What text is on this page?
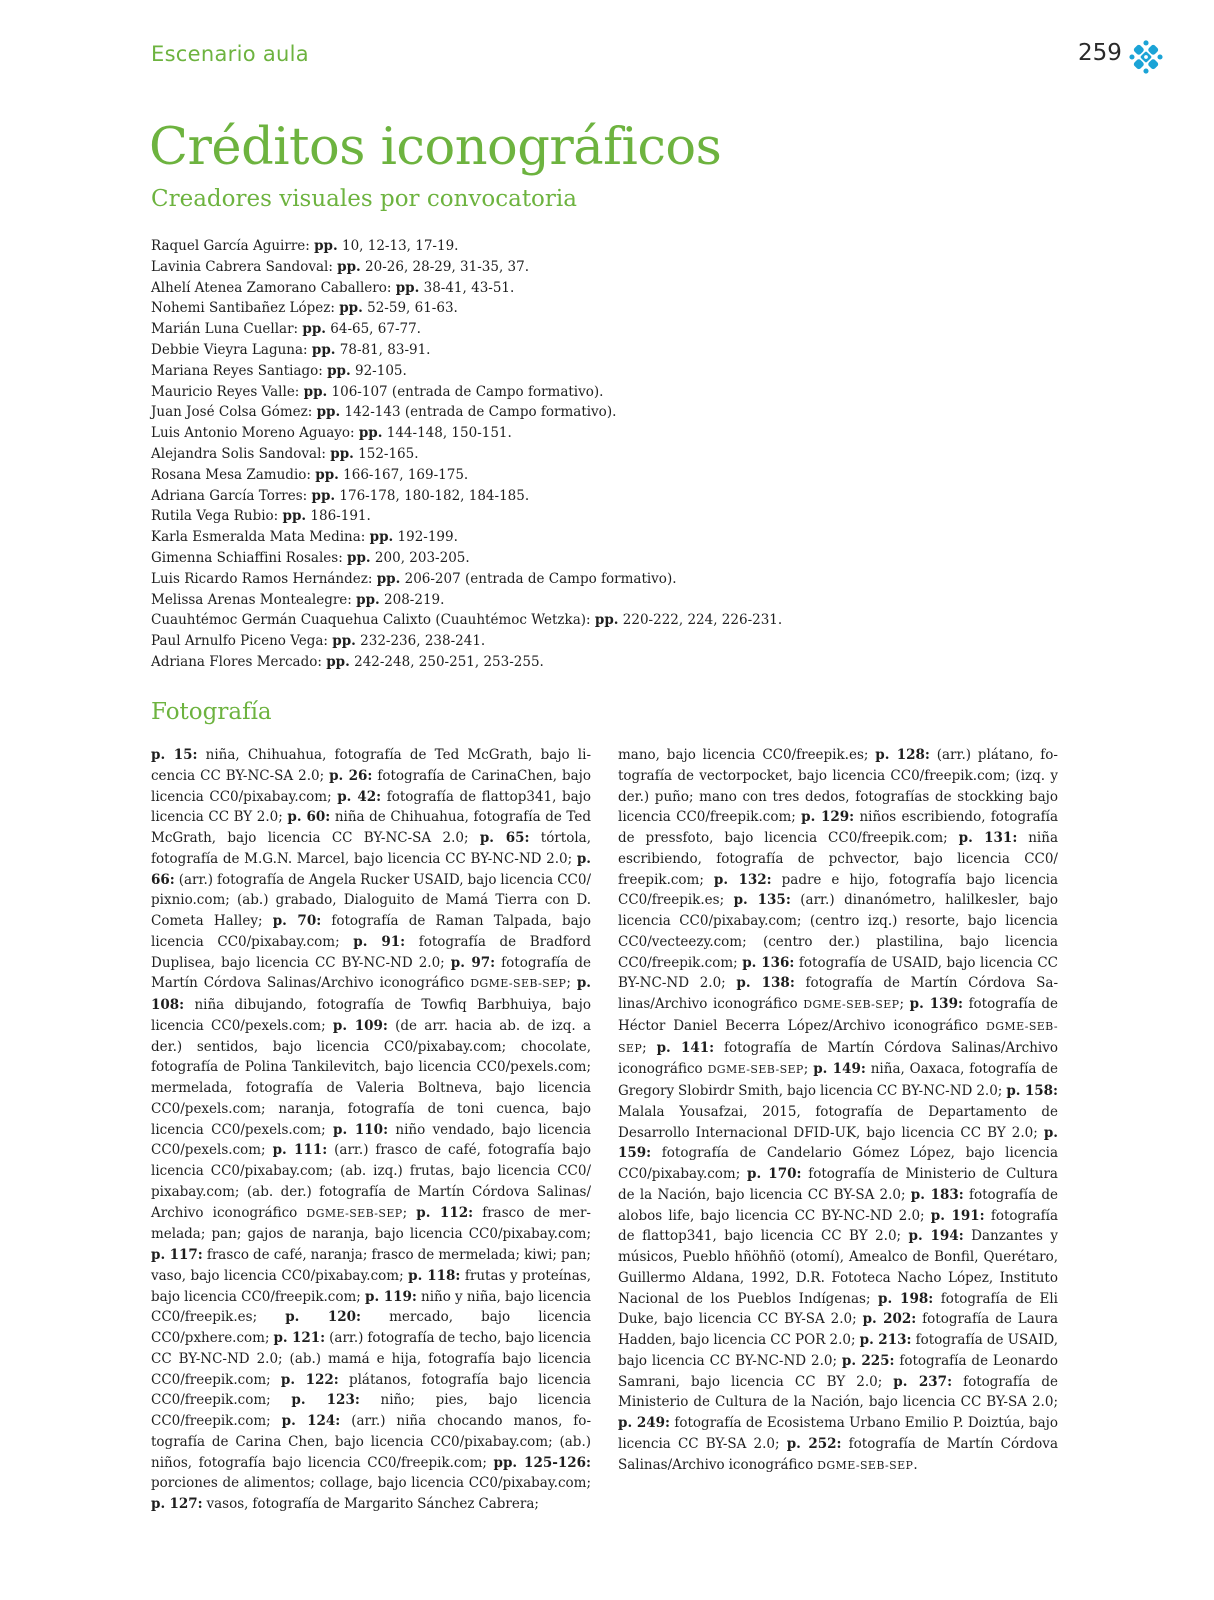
Escenario aula	259
Créditos iconográficos
Creadores visuales por convocatoria
Raquel García Aguirre: pp. 10, 12-13, 17-19.
Lavinia Cabrera Sandoval: pp. 20-26, 28-29, 31-35, 37.
Alhelí Atenea Zamorano Caballero: pp. 38-41, 43-51.
Nohemi Santibañez López: pp. 52-59, 61-63.
Marián Luna Cuellar: pp. 64-65, 67-77.
Debbie Vieyra Laguna: pp. 78-81, 83-91.
Mariana Reyes Santiago: pp. 92-105.
Mauricio Reyes Valle: pp. 106-107 (entrada de Campo formativo).
Juan José Colsa Gómez: pp. 142-143 (entrada de Campo formativo).
Luis Antonio Moreno Aguayo: pp. 144-148, 150-151.
Alejandra Solis Sandoval: pp. 152-165.
Rosana Mesa Zamudio: pp. 166-167, 169-175.
Adriana García Torres: pp. 176-178, 180-182, 184-185.
Rutila Vega Rubio: pp. 186-191.
Karla Esmeralda Mata Medina: pp. 192-199.
Gimenna Schiaffini Rosales: pp. 200, 203-205.
Luis Ricardo Ramos Hernández: pp. 206-207 (entrada de Campo formativo).
Melissa Arenas Montealegre: pp. 208-219.
Cuauhtémoc Germán Cuaquehua Calixto (Cuauhtémoc Wetzka): pp. 220-222, 224, 226-231.
Paul Arnulfo Piceno Vega: pp. 232-236, 238-241.
Adriana Flores Mercado: pp. 242-248, 250-251, 253-255.
Fotografía

p. 15: niña, Chihuahua, fotografía de Ted McGrath, bajo licencia CC BY-NC-SA 2.0; p. 26: fotografía de CarinaChen, bajo licencia CC0/pixabay.com; p. 42: fotografía de flattop341, bajo licencia CC BY 2.0; p. 60: niña de Chihuahua, fotografía de Ted McGrath, bajo licencia CC BY-NC-SA 2.0; p. 65: tórtola, fotografía de M.G.N. Marcel, bajo licencia CC BY-NC-ND 2.0; p. 66: (arr.) fotografía de Angela Rucker USAID, bajo licencia CC0/ pixnio.com; (ab.) grabado, Dialoguito de Mamá Tierra con D. Cometa Halley; p. 70: fotografía de Raman Talpada, bajo licencia CC0/pixabay.com; p. 91: fotografía de Bradford Duplisea, bajo licencia CC BY-NC-ND 2.0; p. 97: fotografía de Martín Córdova Salinas/Archivo iconográfico DGME-SEB-SEP; p. 108: niña dibujando, fotografía de Towfiq Barbhuiya, bajo licencia CC0/pexels.com; p. 109: (de arr. hacia ab. de izq. a der.) sentidos, bajo licencia CC0/pixabay.com; chocolate, fotografía de Polina Tankilevitch, bajo licencia CC0/pexels.​com; mermelada, fotografía de Valeria Boltneva, bajo licencia CC0/pexels.com; naranja, fotografía de toni cuenca, bajo licencia CC0/pexels.com; p. 110: niño vendado, bajo licencia CC0/pexels.com; p. 111: (arr.) frasco de café, fotografía bajo licencia CC0/pixabay.com; (ab. izq.) frutas, bajo licencia CC0/​pixabay.com; (ab. der.) fotografía de Martín Córdova Salinas/​Archivo iconográfico DGME-SEB-SEP; p. 112: frasco de mermelada; pan; gajos de naranja, bajo licencia CC0/pixabay.​com; p. 117: frasco de café, naranja; frasco de mermelada; kiwi; pan; vaso, bajo licencia CC0/pixabay.com; p. 118: frutas y proteínas, bajo licencia CC0/freepik.com; p. 119: niño y niña, bajo licencia CC0/freepik.es; p. 120: mercado, bajo licencia CC0/pxhere.com; p. 121: (arr.) fotografía de techo, bajo licencia CC BY-NC-ND 2.0; (ab.) mamá e hija, fotografía bajo licencia CC0/freepik.com; p. 122: plátanos, fotografía bajo licencia CC0/freepik.com; p. 123: niño; pies, bajo licencia CC0/freepik.com; p. 124: (arr.) niña chocando manos, fotografía de Carina Chen, bajo licencia CC0/pixabay.com; (ab.) niños, fotografía bajo licencia CC0/freepik.com; pp. 125-126: porciones de alimentos; collage, bajo licencia CC0/pixabay.​com; p. 127: vasos, fotografía de Margarito Sánchez Cabrera;

mano, bajo licencia CC0/freepik.es; p. 128: (arr.) plátano, fotografía de vectorpocket, bajo licencia CC0/freepik.com; (izq. y der.) puño; mano con tres dedos, fotografías de stockking bajo licencia CC0/freepik.com; p. 129: niños escribiendo, fotografía de pressfoto, bajo licencia CC0/freepik.com; p. 131: niña escribiendo, fotografía de pchvector, bajo licencia CC0/​freepik.com; p. 132: padre e hijo, fotografía bajo licencia CC0/freepik.es; p. 135: (arr.) dinanómetro, halilkesler, bajo licencia CC0/pixabay.com; (centro izq.) resorte, bajo licencia CC0/vecteezy.com; (centro der.) plastilina, bajo licencia CC0/freepik.com; p. 136: fotografía de USAID, bajo licencia CC BY-NC-ND 2.0; p. 138: fotografía de Martín Córdova Salinas/Archivo iconográfico DGME-SEB-SEP; p. 139: fotografía de Héctor Daniel Becerra López/Archivo iconográfico DGME-SEB-SEP; p. 141: fotografía de Martín Córdova Salinas/​Archivo iconográfico DGME-SEB-SEP; p. 149: niña, Oaxaca, fotografía de Gregory Slobirdr Smith, bajo licencia CC BY-NC-​ND 2.0; p. 158: Malala Yousafzai, 2015, fotografía de Departamento de Desarrollo Internacional DFID-UK, bajo licencia CC BY 2.0; p. 159: fotografía de Candelario Gómez López, bajo licencia CC0/pixabay.com; p. 170: fotografía de Ministerio de Cultura de la Nación, bajo licencia CC BY-SA 2.0; p. 183: fotografía de alobos life, bajo licencia CC BY-NC-ND 2.0; p. 191: fotografía de flattop341, bajo licencia CC BY 2.0; p. 194: Danzantes y músicos, Pueblo hñöhñö (otomí), Amealco de Bonfil, Querétaro, Guillermo Aldana, 1992, D.R. Fototeca Nacho López, Instituto Nacional de los Pueblos Indígenas; p. 198: fotografía de Eli Duke, bajo licencia CC BY-SA 2.0; p. 202: fotografía de Laura Hadden, bajo licencia CC POR 2.0; p. 213: fotografía de USAID, bajo licencia CC BY-NC-ND 2.0; p. 225: fotografía de Leonardo Samrani, bajo licencia CC BY 2.0; p. 237: fotografía de Ministerio de Cultura de la Nación, bajo licencia CC BY-SA 2.0; p. 249: fotografía de Ecosistema Urbano Emilio P. Doiztúa, bajo licencia CC BY-SA 2.0; p. 252: fotografía de Martín Córdova Salinas/Archivo iconográfico DGME-SEB-SEP.
